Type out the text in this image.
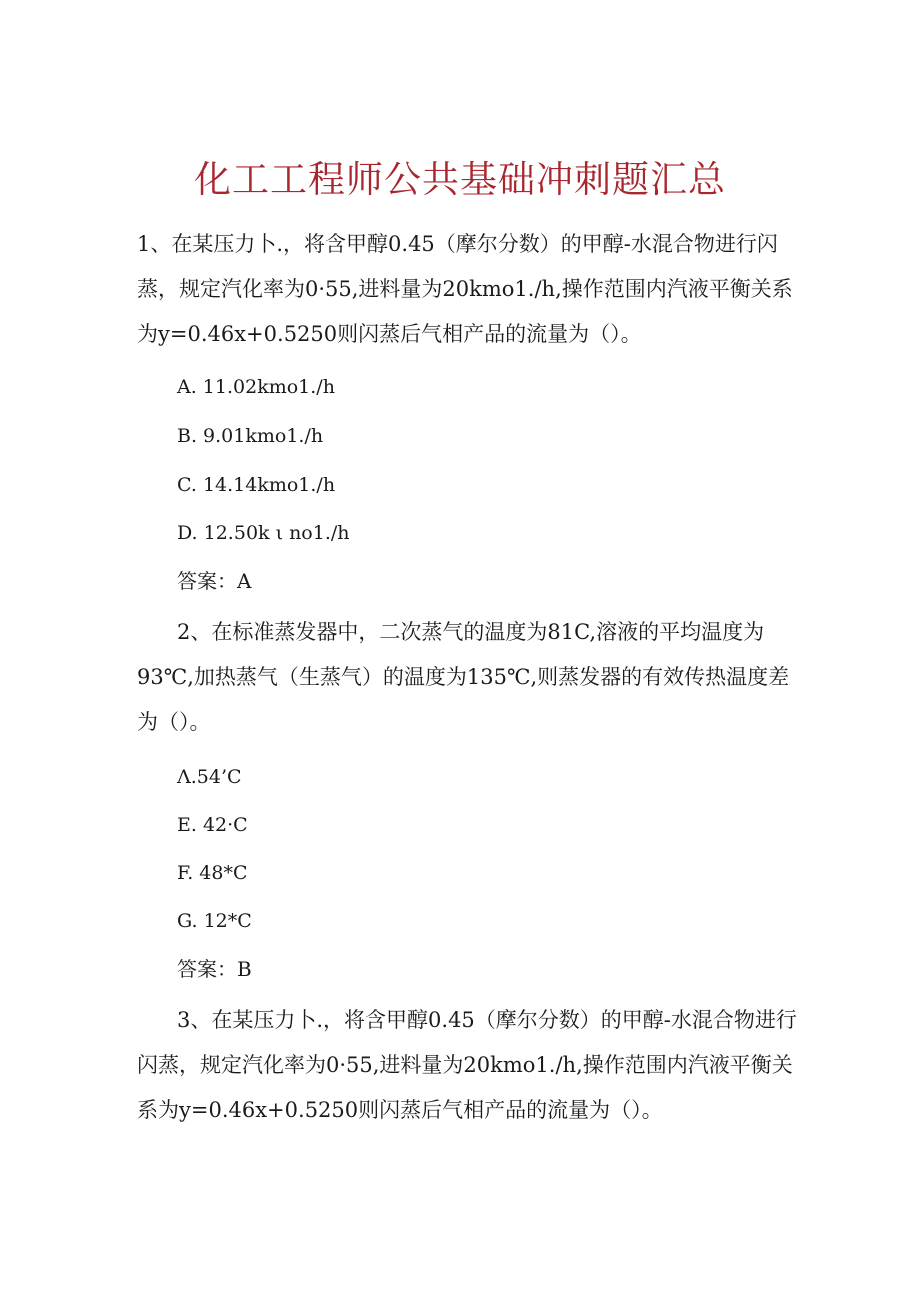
化工工程师公共基础冲刺题汇总

1、在某压力卜.，将含甲醇0.45（摩尔分数）的甲醇-水混合物进行闪蒸，规定汽化率为0·55,进料量为20kmo1./h,操作范围内汽液平衡关系为y=0.46x+0.5250则闪蒸后气相产品的流量为（）。

A. 11.02kmo1./h

B. 9.01kmo1./h

C. 14.14kmo1./h

D. 12.50k ι no1./h

答案：A

2、在标准蒸发器中，二次蒸气的温度为81C,溶液的平均温度为93℃,加热蒸气（生蒸气）的温度为135℃,则蒸发器的有效传热温度差为（）。

Λ.54’C

E. 42·C

F. 48*C

G. 12*C

答案：B

3、在某压力卜.，将含甲醇0.45（摩尔分数）的甲醇-水混合物进行闪蒸，规定汽化率为0·55,进料量为20kmo1./h,操作范围内汽液平衡关系为y=0.46x+0.5250则闪蒸后气相产品的流量为（）。
